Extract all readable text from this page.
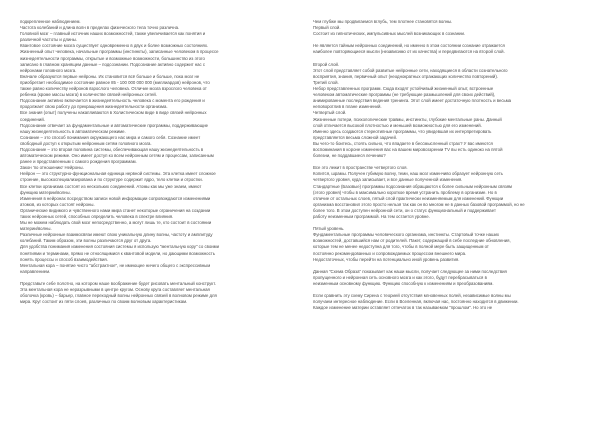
подкрепленное наблюдением.
Частота колебаний и длина волн в пределах физического тела точно различна.
Головной мозг – главный источник наших возможностей, также увеличивается как понятия и
различной частоты и длины.
Квантовое состояние мозга существует одновременно в двух и более возможных состояниях.
Жизненный опыт человека, начальные программы (инстинкты), записанные человеком в процессе
жизнедеятельности программы, открытые и возможные возможности, большинство из этого
записано в главном хранящем данные – подсознании. Подсознание активно содержит нас с
нейронами головного мозга.
Вначале образуются первые нейроны. Их становится всё больше и больше, пока мозг не
приобретает необходимое состояние равное 85 - 100 000 000 000 (миллиардов) нейронов, что
также равно количеству нейронов взрослого человека. Отличие мозга взрослого человека от
ребенка (кроме массы мозга) в количестве связей нейронных сетей.
Подсознание активно включается в жизнедеятельность человека с момента его рождения и
продолжает свою работу до прекращения жизнедеятельности организма.
Все знания (опыт) получены накапливаются в Холистическом виде в виде связей нейронных
соединений.
Подсознание отвечает за фундаментальные и автоматические программы, поддерживающие
нашу жизнедеятельность в автоматическом режиме.
Сознание – это способ понимания окружающего нас мира и самого себя. Сознание имеет
свободный доступ к открытым нейронным сетям головного мозга.
Подсознание – это вторая половина системы, обеспечивающая нашу жизнедеятельность в
автоматическом режиме. Оно имеет доступ ко всем нейронным сетям и процессам, записанным
ранее и представленным с самого рождения программам.
Закон 'по отношению' Нейроны.
Нейрон — это структурно-функциональная единица нервной системы. Эта клетка имеет сложное
строение, высокоспециализирована и по структуре содержит ядро, тело клетки и отростки.
Все клетки организма состоят из нескольких соединений. Атомы как мы уже знаем, имеют
функцию материи/волны.
Изменения в нейронах посредством записи новой информации сопровождаются изменениями
атомов, из которых состоят нейроны.
Органические видимого и чувственного нами мира станет некоторые ограничения на создании
таких нейронных сетей, способных определить человека в спектре влияния.
Мы не можем наблюдать свой мозг непосредственно, а могут лишь те, кто состоит в состоянии
материи/волны.
Различные нейронные взаимосвязи имеют свою уникальную длину волны, частоту и амплитуду
колебаний. Таким образом, эти волны различаются друг от друга.
Для удобства понимания изменения состояния системы я использую "ментальную кору" со своими
понятиями и терминами, прямо не относящимися к квантовой модели, но дающими возможность
понять процессы и способ взаимодействия.
Ментальная кора – понятие чисто "абстрактное", не имеющее ничего общего с экспрессивным
направлением.
Представьте себе полотно, на котором наше воображение будет рисовать ментальный конструкт.
Эта ментальная кора не неразрывными в центре кругом. Основу круга составляет ментальная
оболочка (кровь) – барьер, главное переходный волны нейронных связей в волновом режиме для
мира. Круг состоит из пяти слоев, различных по своим волновым характеристикам.
Чем глубже мы продвигаемся вглубь, тем плотнее становятся волны.
Первый слой.
Состоит из гипнотических, импульсивных мыслей возникающих в сознании.
Не является тайным нейронных соединений, но именно в этом состоянии сознание отражается
наиболее повторяющиеся мысли (независимо от их качества) и передвигаются на второй слой.
Второй слой.
Этот слой представляет собой развитые нейронные сети, находящиеся в области сознательного
восприятия, знания, первичный опыт (неоднократных отражающих количество повторений).
Третий слой.
Небор представленных программ. Сюда входят устойчивый жизненный опыт, встроенные
человеком автоматические программы (не требующие размышлений для своих действий),
анимированные последствия ведения тренинга. Этот слой имеет достаточную плотность и весьма
неповоротлив в плане изменений.
Четвертый слой.
Жизненные потери, психологические травмы, инстинкты, глубокие ментальные раны. Данный
слой отличается высокой плотностью и меньшей возможностью для его изменений.
Именно здесь создаются стереотипные программы, что увидевшая их интерпретировать
представляется весьма сложной задачей.
Вы чего-то боитесь, стоять сильно, что впадаете в бессмысленный страх? У вас имеются
воспоминания в короне изменения вас на вашем мировоззрении ТV вы есть одиноко на пятой
болезни, не поддавшиеся лечению?
Все это лежит в пространстве четвертого слоя.
Копится, шрамы. Получен губимую волну, теми, наш мозг изменчиво образует нейронную сеть
четвертого уровня, куда записывает, и все данные полученной изменения.
Стандартные (Базовые) программы подсознания обращаются к более сильным нейронным связям
(этого уровня) чтобы в максимально короткое время устранить проблему в организме. Но в
отличие от остальных слоев, пятый слой практически неизменяемым для изменений. Функции
организма восстановил этого просто нельзя так как он во многом не в данных базовой программой, но не
более того. В этом доступен нейронной сети, он о статус функциональный и поддерживает
работу неизменным программой. На тем остается уровне.
Пятый уровень.
Фундаментальные программы человеческого организма, инстинкты. Стартовый точке наших
возможностей, доставшийся нам от родителей. Пакет, содержащий в себе последние обновления,
которые тем не менее недоступна для того, чтобы в полной мере быть защищенным от
постоянно рекомендованных и сопровождаемых процессом внешнего мира.
Недостаточных, чтобы перейти на потенциально иной уровень развития.
Данная "Схема Образа" показывает как наши мысли, получает следующее за ними последствия
пропущенного и нейронная сеть основного мозга и как этого, будут перебрасываться в
неизменным основному функцию. Функцию способную к изменениям и преобразованиям.
Если сравнить эту схему Сирена с теорией отсутствия мгновенных полей, независимые волны мы
получаем интересное наблюдение. Если в Вселенная, включая нас, постоянно находится в движении.
Каждое изменение материи оставляет отпечаток в так называемом "прошлом". Но это не
